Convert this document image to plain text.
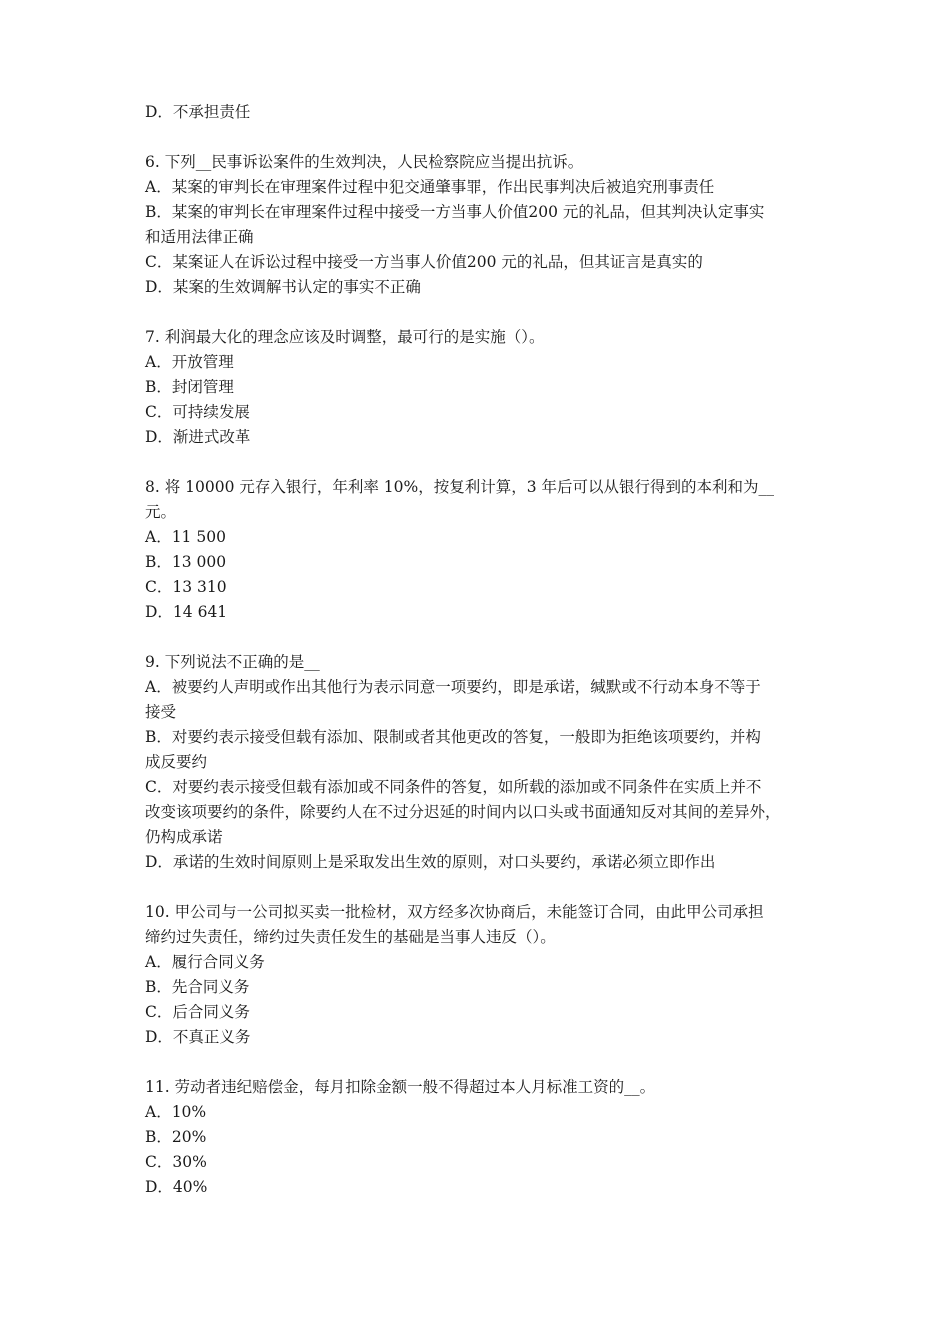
D．不承担责任
6. 下列__民事诉讼案件的生效判决，人民检察院应当提出抗诉。
A．某案的审判长在审理案件过程中犯交通肇事罪，作出民事判决后被追究刑事责任
B．某案的审判长在审理案件过程中接受一方当事人价值200 元的礼品，但其判决认定事实
和适用法律正确
C．某案证人在诉讼过程中接受一方当事人价值200 元的礼品，但其证言是真实的
D．某案的生效调解书认定的事实不正确
7. 利润最大化的理念应该及时调整，最可行的是实施（）。
A．开放管理
B．封闭管理
C．可持续发展
D．渐进式改革
8. 将 10000 元存入银行，年利率 10%，按复利计算，3 年后可以从银行得到的本利和为__
元。
A．11 500
B．13 000
C．13 310
D．14 641
9. 下列说法不正确的是__
A．被要约人声明或作出其他行为表示同意一项要约，即是承诺，缄默或不行动本身不等于
接受
B．对要约表示接受但载有添加、限制或者其他更改的答复，一般即为拒绝该项要约，并构
成反要约
C．对要约表示接受但载有添加或不同条件的答复，如所载的添加或不同条件在实质上并不
改变该项要约的条件，除要约人在不过分迟延的时间内以口头或书面通知反对其间的差异外，
仍构成承诺
D．承诺的生效时间原则上是采取发出生效的原则，对口头要约，承诺必须立即作出
10. 甲公司与一公司拟买卖一批检材，双方经多次协商后，未能签订合同，由此甲公司承担
缔约过失责任，缔约过失责任发生的基础是当事人违反（）。
A．履行合同义务
B．先合同义务
C．后合同义务
D．不真正义务
11. 劳动者违纪赔偿金，每月扣除金额一般不得超过本人月标准工资的__。
A．10%
B．20%
C．30%
D．40%
